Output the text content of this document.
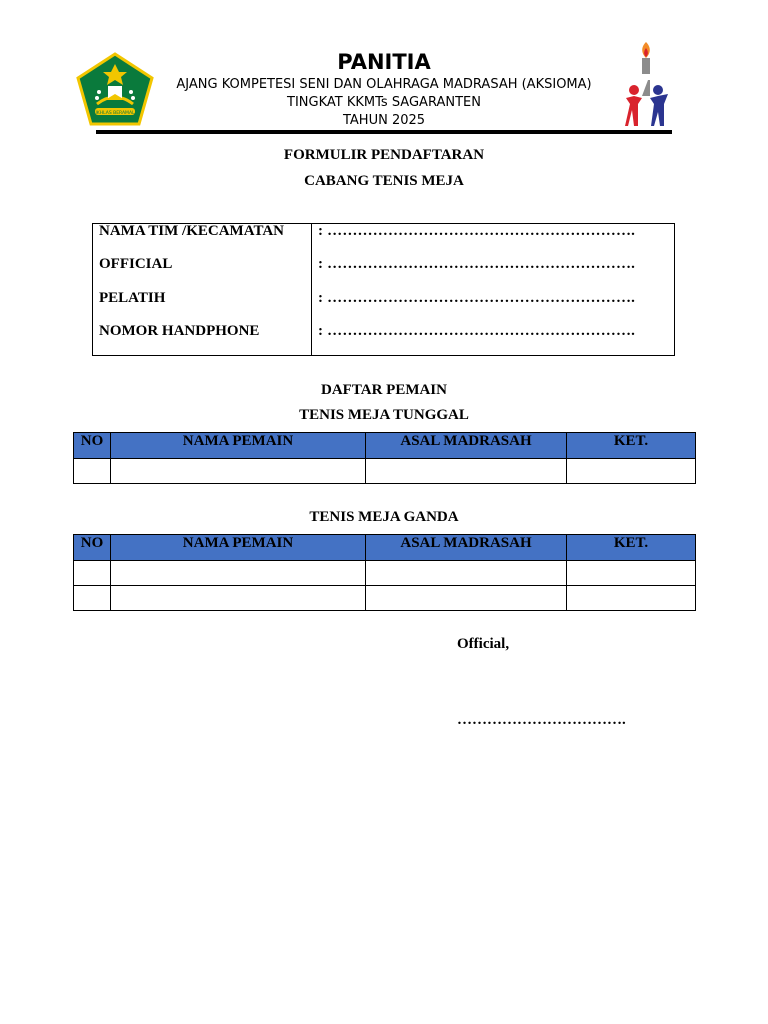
IKHLAS BERAMAL
PANITIA
AJANG KOMPETESI SENI DAN OLAHRAGA MADRASAH (AKSIOMA)
TINGKAT KKMTs SAGARANTEN
TAHUN 2025
FORMULIR PENDAFTARAN
CABANG TENIS MEJA
NAMA TIM /KECAMATAN : …………………………………………………….
OFFICIAL	: …………………………………………………….
PELATIH	: …………………………………………………….
NOMOR HANDPHONE	: …………………………………………………….
DAFTAR PEMAIN
TENIS MEJA TUNGGAL
NO	NAMA PEMAIN	ASAL MADRASAH	KET.

TENIS MEJA GANDA
NO	NAMA PEMAIN	ASAL MADRASAH	KET.

Official,
…………………………….
